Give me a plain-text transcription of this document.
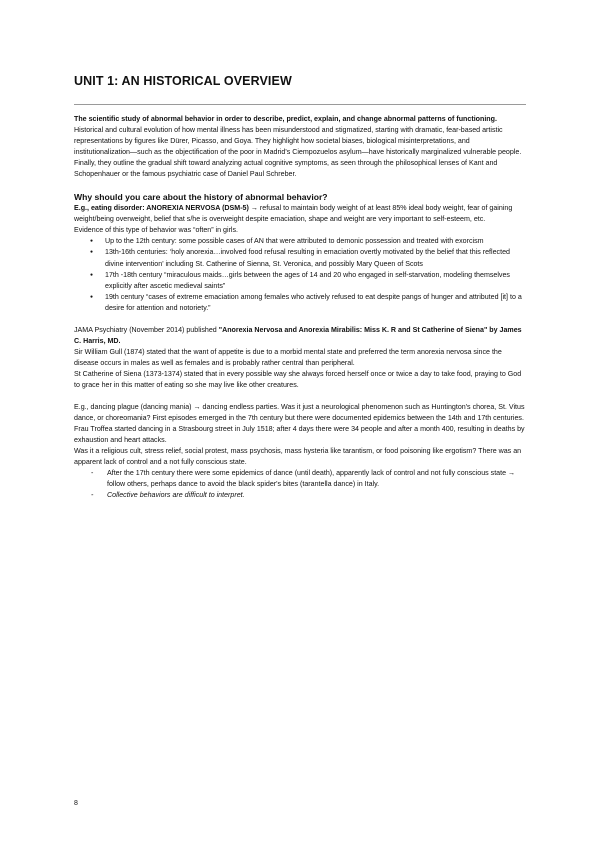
UNIT 1: AN HISTORICAL OVERVIEW

The scientific study of abnormal behavior in order to describe, predict, explain, and change abnormal patterns of functioning.

Historical and cultural evolution of how mental illness has been misunderstood and stigmatized, starting with dramatic, fear-based artistic representations by figures like Dürer, Picasso, and Goya. They highlight how societal biases, biological misinterpretations, and institutionalization—such as the objectification of the poor in Madrid's Ciempozuelos asylum—have historically marginalized vulnerable people. Finally, they outline the gradual shift toward analyzing actual cognitive symptoms, as seen through the philosophical lenses of Kant and Schopenhauer or the famous psychiatric case of Daniel Paul Schreber.

Why should you care about the history of abnormal behavior?

E.g., eating disorder: ANOREXIA NERVOSA (DSM-5) → refusal to maintain body weight of at least 85% ideal body weight, fear of gaining weight/being overweight, belief that s/he is overweight despite emaciation, shape and weight are very important to self-esteem, etc.

Evidence of this type of behavior was “often” in girls.

● Up to the 12th century: some possible cases of AN that were attributed to demonic possession and treated with exorcism
● 13th-16th centuries: ‘holy anorexia…involved food refusal resulting in emaciation overtly motivated by the belief that this reflected divine intervention’ including St. Catherine of Sienna, St. Veronica, and possibly Mary Queen of Scots
● 17th -18th century “miraculous maids…girls between the ages of 14 and 20 who engaged in self-starvation, modeling themselves explicitly after ascetic medieval saints”
● 19th century “cases of extreme emaciation among females who actively refused to eat despite pangs of hunger and attributed [it] to a desire for attention and notoriety.”

JAMA Psychiatry (November 2014) published "Anorexia Nervosa and Anorexia Mirabilis: Miss K. R and St Catherine of Siena" by James C. Harris, MD.

Sir William Gull (1874) stated that the want of appetite is due to a morbid mental state and preferred the term anorexia nervosa since the disease occurs in males as well as females and is probably rather central than peripheral.

St Catherine of Siena (1373-1374) stated that in every possible way she always forced herself once or twice a day to take food, praying to God to grace her in this matter of eating so she may live like other creatures.

E.g., dancing plague (dancing mania) → dancing endless parties. Was it just a neurological phenomenon such as Huntington's chorea, St. Vitus dance, or choreomania? First episodes emerged in the 7th century but there were documented epidemics between the 14th and 17th centuries. Frau Troffea started dancing in a Strasbourg street in July 1518; after 4 days there were 34 people and after a month 400, resulting in deaths by exhaustion and heart attacks.

Was it a religious cult, stress relief, social protest, mass psychosis, mass hysteria like tarantism, or food poisoning like ergotism? There was an apparent lack of control and a not fully conscious state.

- After the 17th century there were some epidemics of dance (until death), apparently lack of control and not fully conscious state → follow others, perhaps dance to avoid the black spider's bites (tarantella dance) in Italy.
- Collective behaviors are difficult to interpret.
8
